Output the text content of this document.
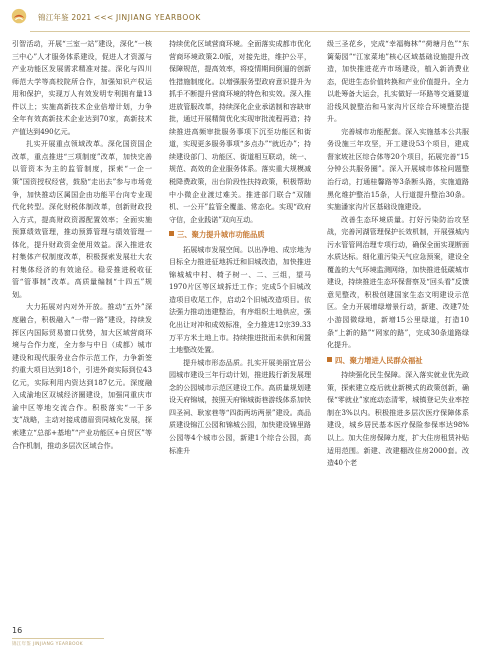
锦江年鉴 2021 <<< JINJIANG YEARBOOK

引智活动，开展“三室一站”建设，深化“一核三中心”人才服务体系建设，促进人才资源与产业功能区发展需求精准对接。深化与四川师范大学等高校院所合作，加强知识产权运用和保护，实现万人有效发明专利拥有量13件以上；实施高新技术企业倍增计划，力争全年有效高新技术企业达到70家，高新技术产值达到490亿元。

扎实开展重点领域改革。深化国资国企改革，重点推进“三项制度”改革，加快完善以管资本为主的监管制度，探索“一企一策”国资授权经营，鼓励“走出去”参与市场竞争，加快推动区属国企由功能平台向专业现代化转型。深化财税体制改革，创新财政投入方式，提高财政资源配置效率；全面实施预算绩效管理，推动预算管理与绩效管理一体化，提升财政资金使用效益。深入推进农村集体产权制度改革，积极探索发展壮大农村集体经济的有效途径。稳妥推进税收征管“管事制”改革。高质量编制“十四五”规划。

大力拓展对内对外开放。推动“五外”深度融合，积极融入“一带一路”建设，持续发挥区内国际贸易窗口优势，加大区域营商环境与合作力度，全力参与中日（成都）城市建设和现代服务业合作示范工作，力争新签约重大项目达到18个，引进外商实际到位43亿元，实际利用内资达到187亿元。深度融入成渝地区双城经济圈建设，加强同重庆市渝中区等地交流合作。积极落实“一干多支”战略，主动对接成德眉资同城化发展，探索建立“总部+基地”“产业功能区+自贸区”等合作机制，推动多层次区域合作。

持续优化区域营商环境。全面落实成都市优化营商环境政策2.0版，对接先进，维护公平，保障规范，提高效率，将疫情期间倒逼的创新性措施制度化。以增强服务型政府意识提升为抓手不断提升营商环境的特色和实效。深入推进放管服改革，持续深化企业承诺制和容缺审批，通过开展精简优化实现审批流程再造；持续推进高频审批服务事项下沉至功能区和街道，实现更多服务事项“多点办”“就近办”；持续建设部门、功能区、街道相互联动，统一、规范、高效的企业服务体系。落实重大规模减税降费政策，出台阶段性扶持政策，积极帮助中小微企业渡过难关。推进部门联合“双随机、一公开”监管全覆盖、常态化。实现“政府守信，企业践诺”双向互动。

三、聚力提升城市功能品质

拓展城市发展空间。以出净地、成宗地为目标全力推进征地拆迁和旧城改造，加快推进锦城城中村、椅子树一、二、三组，望马1970片区等区域拆迁工作；完成5个旧城改造项目收尾工作，启动2个旧城改造项目。依法强力推动违建整治，有序组织土地供应，强化出让对冲和成效标准，全力推进12宗39.33万平方米土地上市。持续推进批而未供和闲置土地整改处置。

提升城市形态品质。扎实开展美丽宜居公园城市建设三年行动计划，推进践行新发展理念的公园城市示范区建设工作。高质量规划建设天府锦城，按照天府锦城街巷游线体系加快四圣祠、耿家巷等“四街两坊两景”建设。高品质建设锦江公园和锦城公园，加快建设锦里路公园等4个城市公园，新建1个综合公园，高标准升

级三圣花乡，完成“幸福梅林”“荷塘月色”“东篱菊园”“江家菜地”核心区域基础设施提升改造，加快推进花卉市场建设，植入新消费业态，促进生态价值转换和产业价值提升。全力以赴筹备大运会，扎实做好一环路等交通要道沿线风貌整治和马家沟片区综合环境整治提升。

完善城市功能配套。深入实施基本公共服务设施三年攻坚，开工建设53个项目，建成督家坡社区综合体等20个项目，拓展完善“15分钟公共服务圈”。深入开展城市体检问题整治行动，打通桂馨路等3条断头路，实施道路黑化维护整治15条，人行道提升整治30条。实施潘家沟片区基础设施建设。

改善生态环境质量。打好污染防治攻坚战，完善河湖管理保护长效机制，开展强城内污水管管网治理专项行动，确保全面实现断面水质达标。细化重污染天气应急预案，建设全覆盖的大气环境监测网络，加快推进低碳城市建设，持续推进生态环保督察及“回头看”反馈意见整改，积极创建国家生态文明建设示范区。全力开展增绿增景行动，新建、改建7处小游园微绿地，新增15公里绿道，打造10条“上新的路”“网家的路”，完成30条道路绿化提升。

四、聚力增进人民群众福祉

持续强化民生保障。深入落实就业优先政策，探索建立疫后就业新模式的政策创新，确保“零就业”家庭动态清零，城镇登记失业率控制在3%以内。积极推进多层次医疗保障体系建设，城乡居民基本医疗保险参保率达98%以上。加大住房保障力度，扩大住房租赁补贴适用范围。新建、改建棚改住房2000套。改造40个老

16
锦江年鉴 JINJIANG YEARBOOK
